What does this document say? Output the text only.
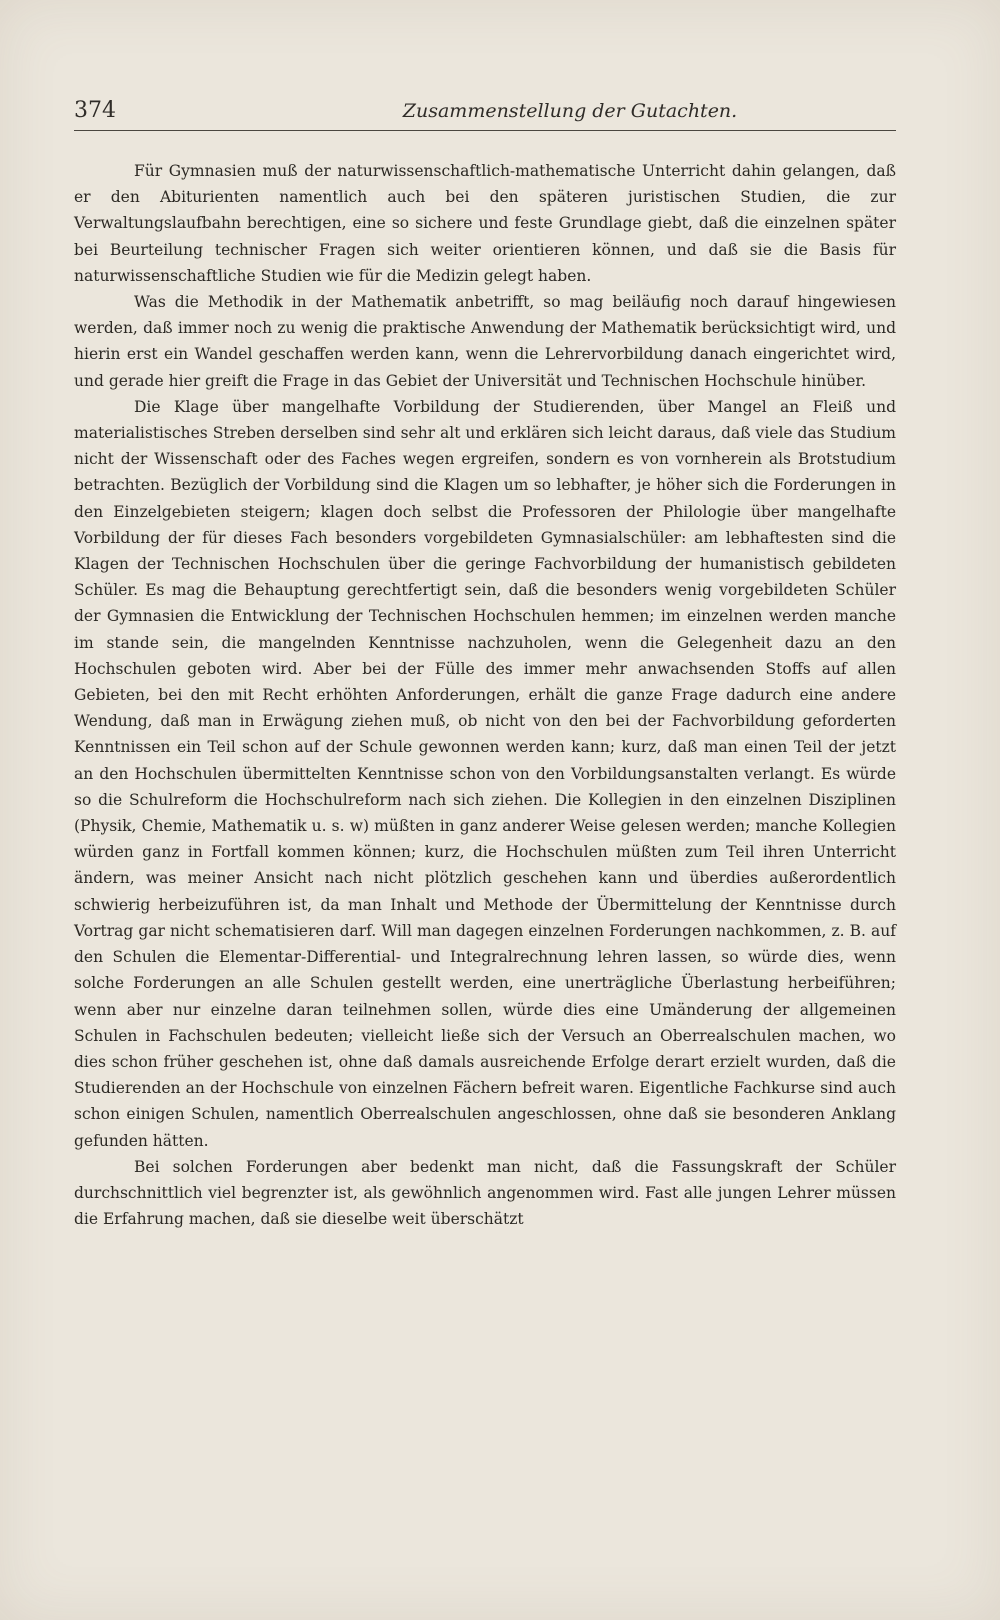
374	Zusammenstellung der Gutachten.

Für Gymnasien muß der naturwissenschaftlich-mathematische Unterricht dahin gelangen, daß er den Abiturienten namentlich auch bei den späteren juristischen Studien, die zur Verwaltungslaufbahn berechtigen, eine so sichere und feste Grundlage giebt, daß die einzelnen später bei Beurteilung technischer Fragen sich weiter orientieren können, und daß sie die Basis für naturwissenschaftliche Studien wie für die Medizin gelegt haben.

Was die Methodik in der Mathematik anbetrifft, so mag beiläufig noch darauf hingewiesen werden, daß immer noch zu wenig die praktische Anwendung der Mathematik berücksichtigt wird, und hierin erst ein Wandel geschaffen werden kann, wenn die Lehrervorbildung danach eingerichtet wird, und gerade hier greift die Frage in das Gebiet der Universität und Technischen Hochschule hinüber.

Die Klage über mangelhafte Vorbildung der Studierenden, über Mangel an Fleiß und materialistisches Streben derselben sind sehr alt und erklären sich leicht daraus, daß viele das Studium nicht der Wissenschaft oder des Faches wegen ergreifen, sondern es von vornherein als Brotstudium betrachten. Bezüglich der Vorbildung sind die Klagen um so lebhafter, je höher sich die Forderungen in den Einzelgebieten steigern; klagen doch selbst die Professoren der Philologie über mangelhafte Vorbildung der für dieses Fach besonders vorgebildeten Gymnasialschüler: am lebhaftesten sind die Klagen der Technischen Hochschulen über die geringe Fachvorbildung der humanistisch gebildeten Schüler. Es mag die Behauptung gerechtfertigt sein, daß die besonders wenig vorgebildeten Schüler der Gymnasien die Entwicklung der Technischen Hochschulen hemmen; im einzelnen werden manche im stande sein, die mangelnden Kenntnisse nachzuholen, wenn die Gelegenheit dazu an den Hochschulen geboten wird. Aber bei der Fülle des immer mehr anwachsenden Stoffs auf allen Gebieten, bei den mit Recht erhöhten Anforderungen, erhält die ganze Frage dadurch eine andere Wendung, daß man in Erwägung ziehen muß, ob nicht von den bei der Fachvorbildung geforderten Kenntnissen ein Teil schon auf der Schule gewonnen werden kann; kurz, daß man einen Teil der jetzt an den Hochschulen übermittelten Kenntnisse schon von den Vorbildungsanstalten verlangt. Es würde so die Schulreform die Hochschulreform nach sich ziehen. Die Kollegien in den einzelnen Disziplinen (Physik, Chemie, Mathematik u. s. w) müßten in ganz anderer Weise gelesen werden; manche Kollegien würden ganz in Fortfall kommen können; kurz, die Hochschulen müßten zum Teil ihren Unterricht ändern, was meiner Ansicht nach nicht plötzlich geschehen kann und überdies außerordentlich schwierig herbeizuführen ist, da man Inhalt und Methode der Übermittelung der Kenntnisse durch Vortrag gar nicht schematisieren darf. Will man dagegen einzelnen Forderungen nachkommen, z. B. auf den Schulen die Elementar-Differential- und Integralrechnung lehren lassen, so würde dies, wenn solche Forderungen an alle Schulen gestellt werden, eine unerträgliche Überlastung herbeiführen; wenn aber nur einzelne daran teilnehmen sollen, würde dies eine Umänderung der allgemeinen Schulen in Fachschulen bedeuten; vielleicht ließe sich der Versuch an Oberrealschulen machen, wo dies schon früher geschehen ist, ohne daß damals ausreichende Erfolge derart erzielt wurden, daß die Studierenden an der Hochschule von einzelnen Fächern befreit waren. Eigentliche Fachkurse sind auch schon einigen Schulen, namentlich Oberrealschulen angeschlossen, ohne daß sie besonderen Anklang gefunden hätten.

Bei solchen Forderungen aber bedenkt man nicht, daß die Fassungskraft der Schüler durchschnittlich viel begrenzter ist, als gewöhnlich angenommen wird. Fast alle jungen Lehrer müssen die Erfahrung machen, daß sie dieselbe weit überschätzt
